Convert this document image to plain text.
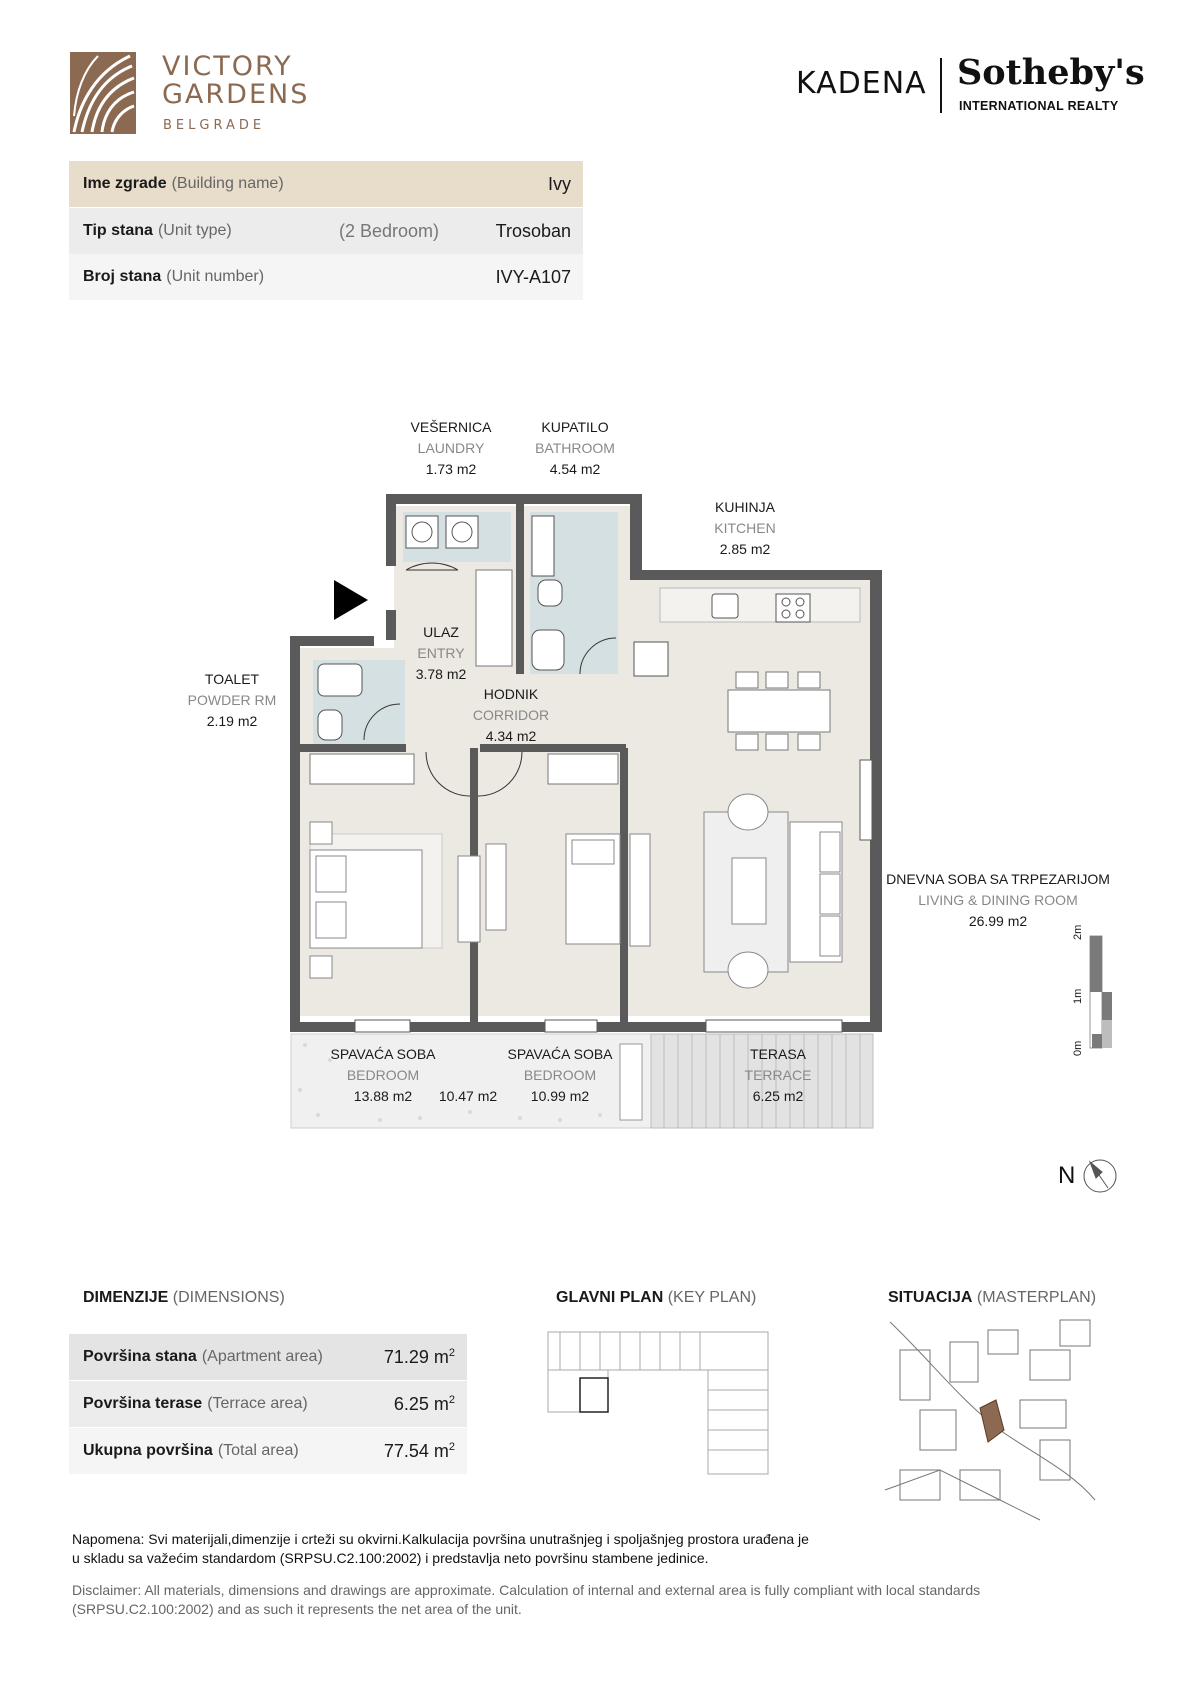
VICTORY
GARDENS
BELGRADE
KADENA Sotheby's
INTERNATIONAL REALTY
Ime zgrade (Building name)	Ivy
Tip stana (Unit type)	(2 Bedroom)	Trosoban
Broj stana (Unit number)	IVY-A107
VEŠERNICA
LAUNDRY
1.73 m2
KUPATILO
BATHROOM
4.54 m2
KUHINJA
KITCHEN
2.85 m2
ULAZ
ENTRY
3.78 m2
TOALET
POWDER RM
2.19 m2
HODNIK
CORRIDOR
4.34 m2
DNEVNA SOBA SA TRPEZARIJOM
LIVING & DINING ROOM
26.99 m2
SPAVAĆA SOBA
BEDROOM
13.88 m2	10.47 m2
SPAVAĆA SOBA
BEDROOM
10.99 m2
TERASA
TERRACE
6.25 m2
2m
1m
0m
N
DIMENZIJE (DIMENSIONS)
Površina stana (Apartment area)	71.29 $m^2$
Površina terase (Terrace area)	6.25 $m^2$
Ukupna površina (Total area)	77.54 $m^2$
GLAVNI PLAN (KEY PLAN)	SITUACIJA (MASTERPLAN)
Napomena: Svi materijali,dimenzije i crteži su okvirni.Kalkulacija površina unutrašnjeg i spoljašnjeg prostora urađena je
u skladu sa važećim standardom (SRPSU.C2.100:2002) i predstavlja neto površinu stambene jedinice.
Disclaimer: All materials, dimensions and drawings are approximate. Calculation of internal and external area is fully compliant with local standards
(SRPSU.C2.100:2002) and as such it represents the net area of the unit.
